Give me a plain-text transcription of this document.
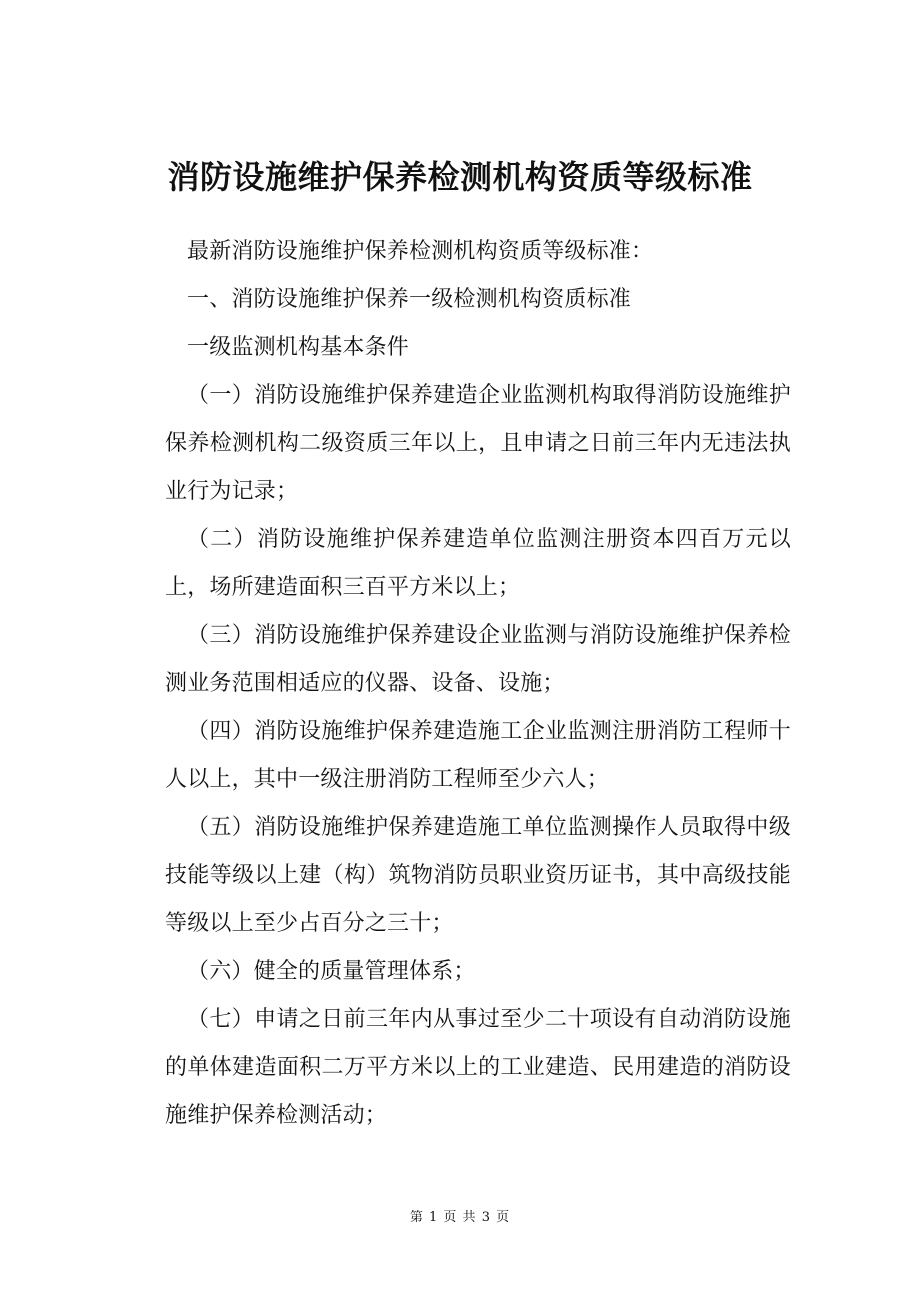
消防设施维护保养检测机构资质等级标准

最新消防设施维护保养检测机构资质等级标准：

一、消防设施维护保养一级检测机构资质标准

一级监测机构基本条件

（一）消防设施维护保养建造企业监测机构取得消防设施维护保养检测机构二级资质三年以上，且申请之日前三年内无违法执业行为记录；

（二）消防设施维护保养建造单位监测注册资本四百万元以上，场所建造面积三百平方米以上；

（三）消防设施维护保养建设企业监测与消防设施维护保养检测业务范围相适应的仪器、设备、设施；

（四）消防设施维护保养建造施工企业监测注册消防工程师十人以上，其中一级注册消防工程师至少六人；

（五）消防设施维护保养建造施工单位监测操作人员取得中级技能等级以上建（构）筑物消防员职业资历证书，其中高级技能等级以上至少占百分之三十；

（六）健全的质量管理体系；

（七）申请之日前三年内从事过至少二十项设有自动消防设施的单体建造面积二万平方米以上的工业建造、民用建造的消防设施维护保养检测活动；

第 1 页 共 3 页
